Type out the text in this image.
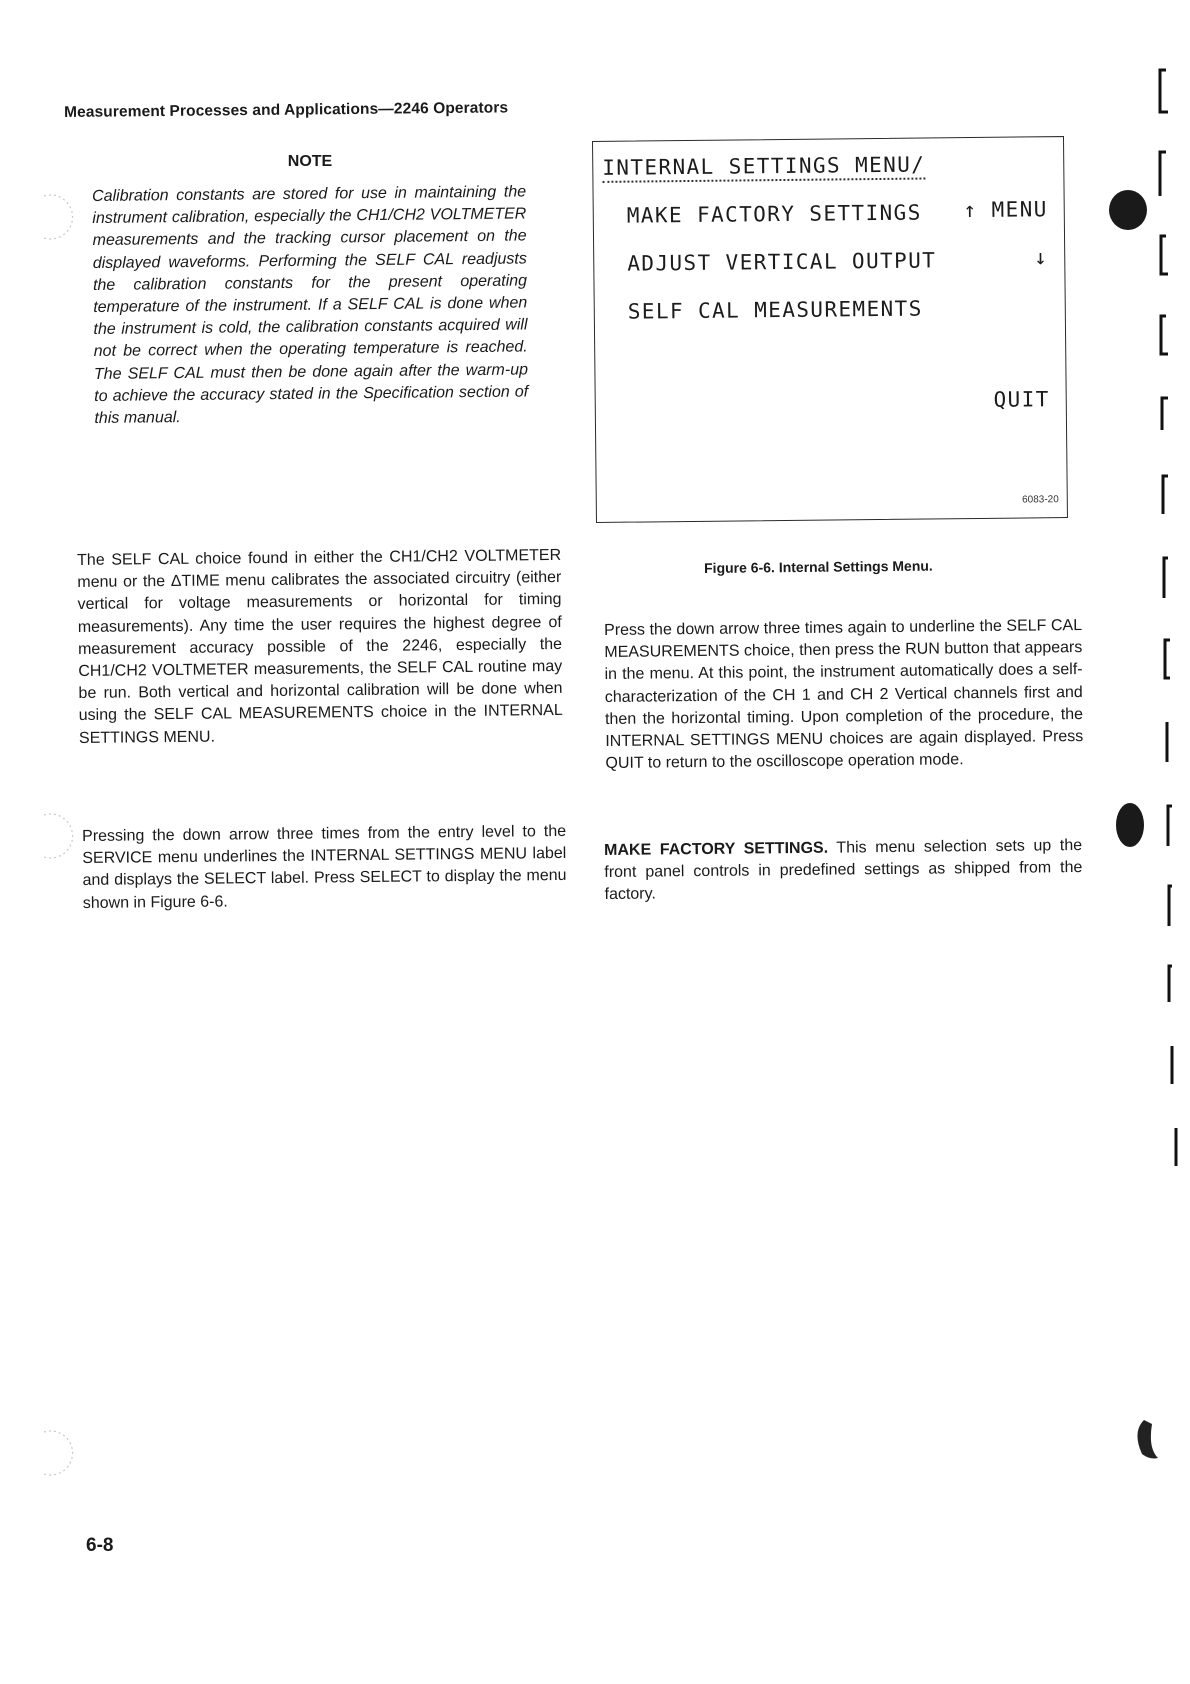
Measurement Processes and Applications—2246 Operators
NOTE
Calibration constants are stored for use in maintaining the instrument calibration, especially the CH1/CH2 VOLTMETER measurements and the tracking cursor placement on the displayed waveforms. Performing the SELF CAL readjusts the calibration constants for the present operating temperature of the instrument. If a SELF CAL is done when the instrument is cold, the calibration constants acquired will not be correct when the operating temperature is reached. The SELF CAL must then be done again after the warm-up to achieve the accuracy stated in the Specification section of this manual.
The SELF CAL choice found in either the CH1/CH2 VOLTMETER menu or the ΔTIME menu calibrates the associated circuitry (either vertical for voltage measurements or horizontal for timing measurements). Any time the user requires the highest degree of measurement accuracy possible of the 2246, especially the CH1/CH2 VOLTMETER measurements, the SELF CAL routine may be run. Both vertical and horizontal calibration will be done when using the SELF CAL MEASUREMENTS choice in the INTERNAL SETTINGS MENU.
Pressing the down arrow three times from the entry level to the SERVICE menu underlines the INTERNAL SETTINGS MENU label and displays the SELECT label. Press SELECT to display the menu shown in Figure 6-6.
INTERNAL SETTINGS MENU/
MAKE FACTORY SETTINGS
ADJUST VERTICAL OUTPUT
SELF CAL MEASUREMENTS
↑ MENU
↓
QUIT
6083-20
Figure 6-6. Internal Settings Menu.
Press the down arrow three times again to underline the SELF CAL MEASUREMENTS choice, then press the RUN button that appears in the menu. At this point, the instrument automatically does a self-characterization of the CH 1 and CH 2 Vertical channels first and then the horizontal timing. Upon completion of the procedure, the INTERNAL SETTINGS MENU choices are again displayed. Press QUIT to return to the oscilloscope operation mode.
MAKE FACTORY SETTINGS. This menu selection sets up the front panel controls in predefined settings as shipped from the factory.
6-8
